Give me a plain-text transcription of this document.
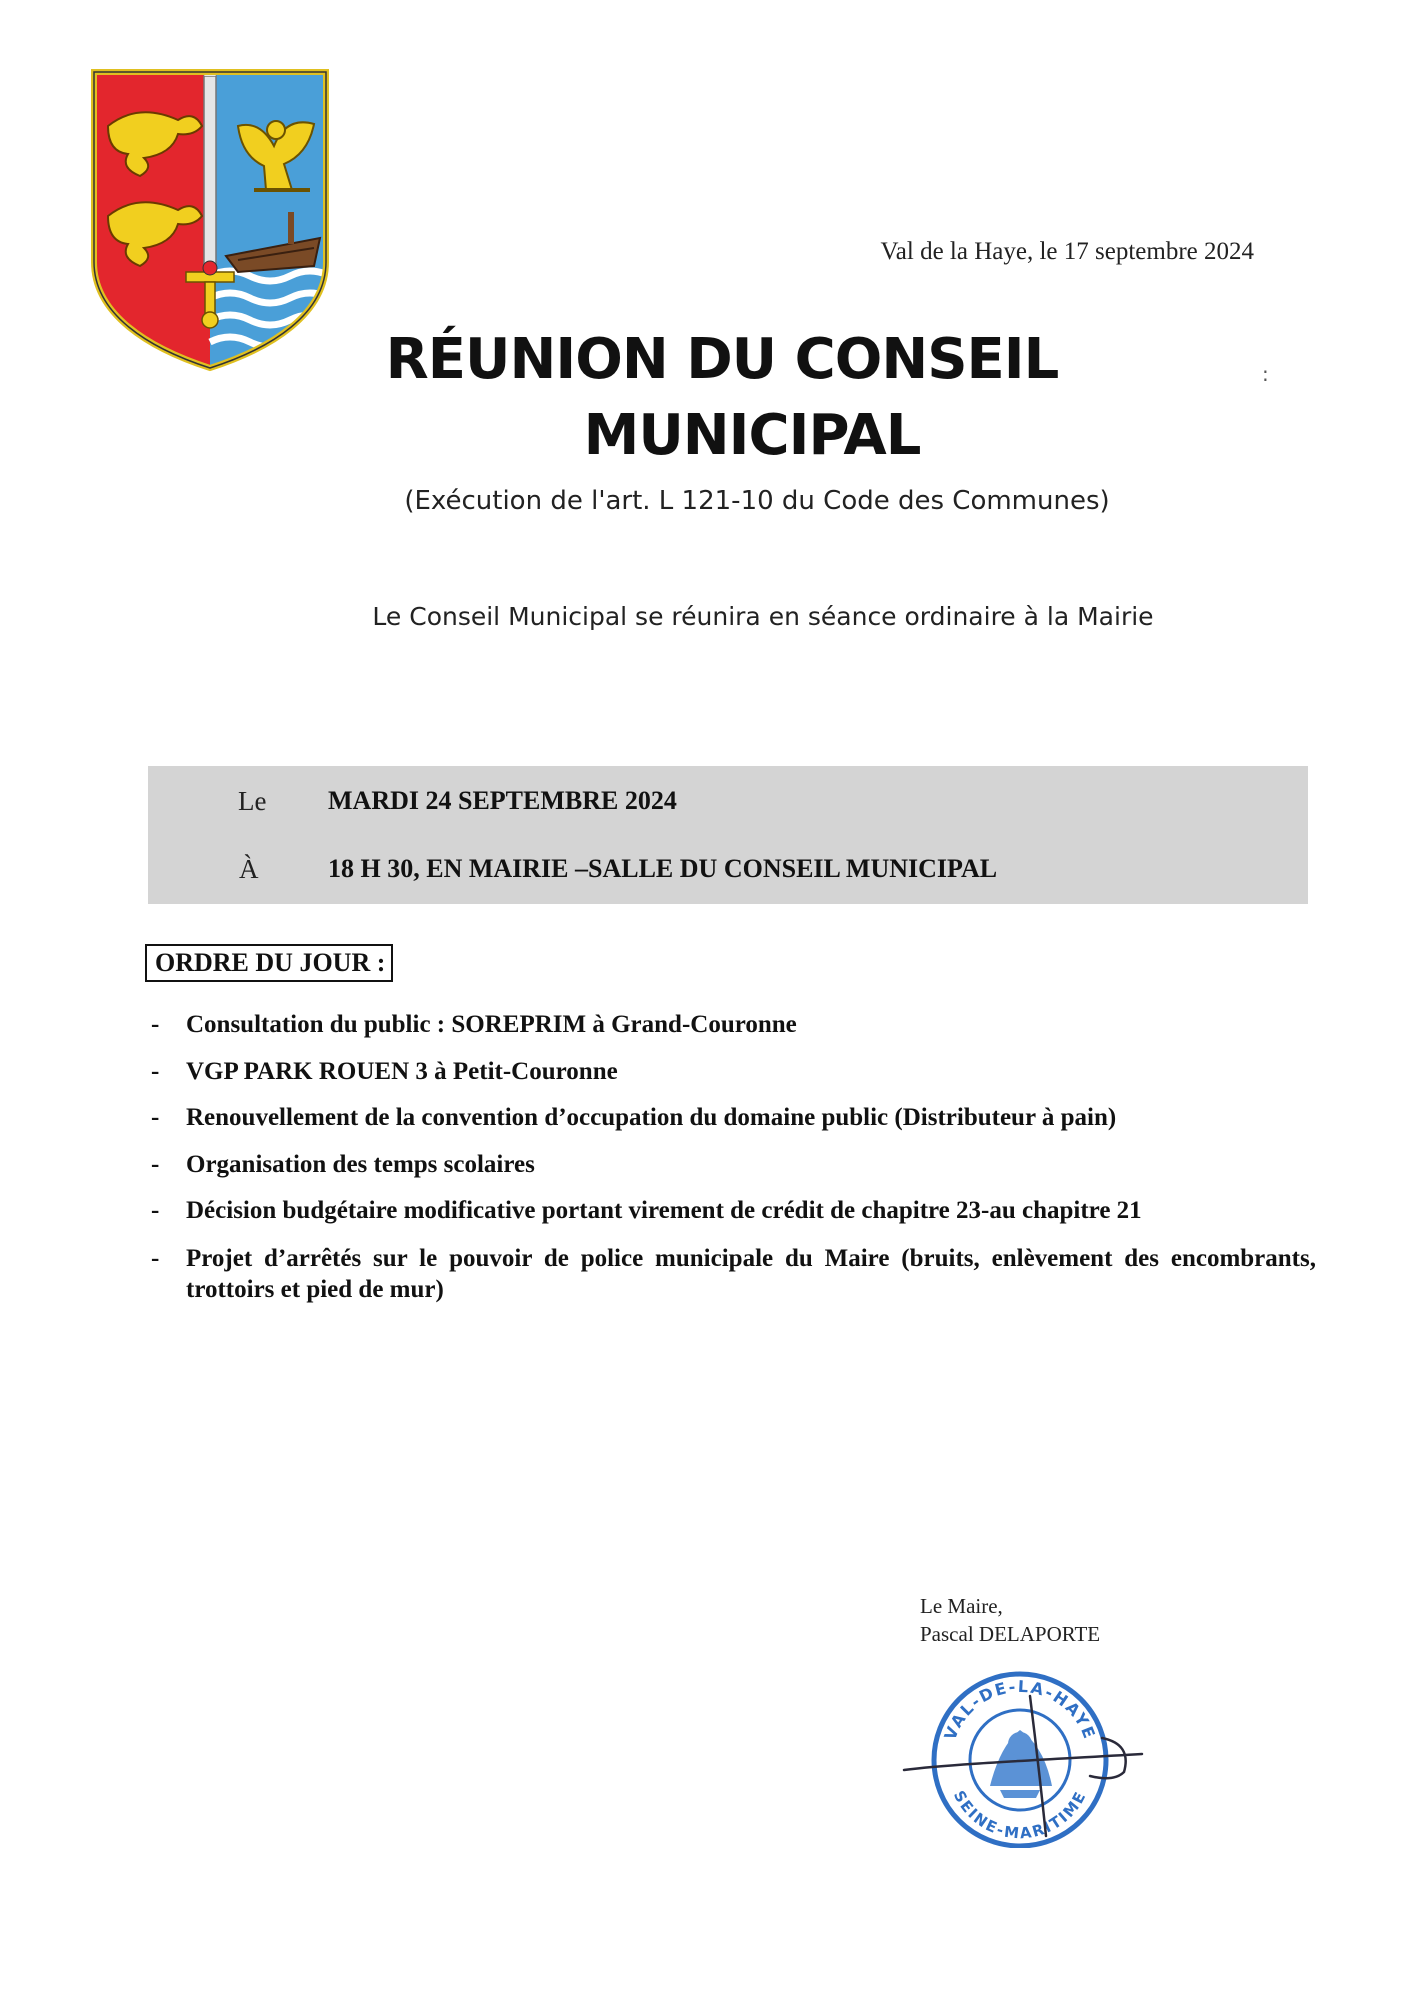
Val de la Haye, le 17 septembre 2024
RÉUNION DU CONSEIL
MUNICIPAL
:
(Exécution de l'art. L 121-10 du Code des Communes)
Le Conseil Municipal se réunira en séance ordinaire à la Mairie
Le MARDI 24 SEPTEMBRE 2024
À	18 H 30, EN MAIRIE –SALLE DU CONSEIL MUNICIPAL
ORDRE DU JOUR :
- Consultation du public : SOREPRIM à Grand-Couronne
- VGP PARK ROUEN 3 à Petit-Couronne
- Renouvellement de la convention d’occupation du domaine public (Distributeur à pain)
- Organisation des temps scolaires
- Décision budgétaire modificative portant virement de crédit de chapitre 23-au chapitre 21
- Projet d’arrêtés sur le pouvoir de police municipale du Maire (bruits, enlèvement des encombrants, trottoirs et pied de mur)
Le Maire,
Pascal DELAPORTE
VAL-DE-LA-HAYE
SEINE-MARITIME
